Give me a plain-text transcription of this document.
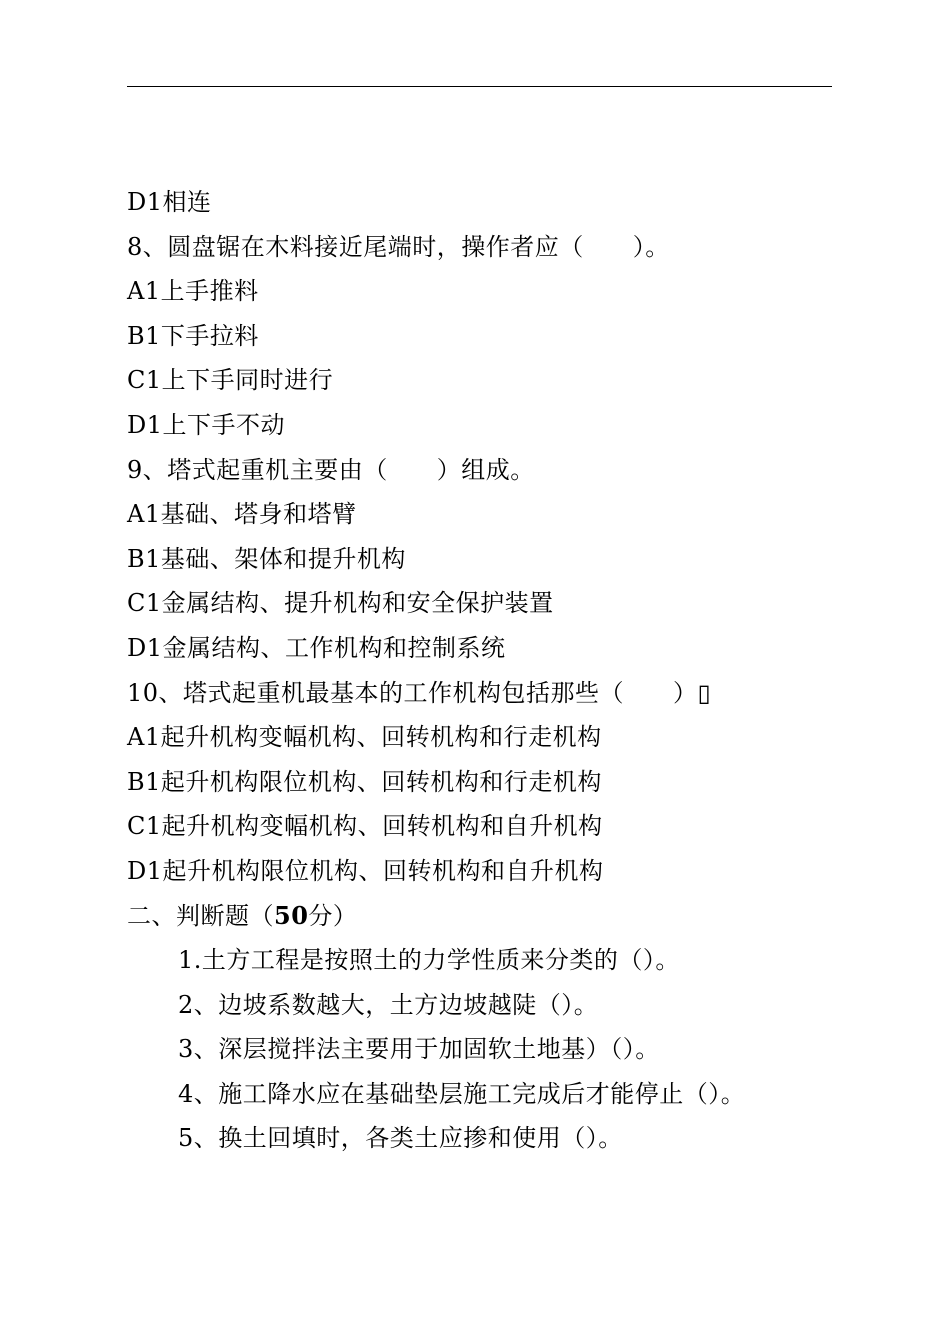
D1相连
8、圆盘锯在木料接近尾端时，操作者应（　　）。
A1上手推料
B1下手拉料
C1上下手同时进行
D1上下手不动
9、塔式起重机主要由（　　）组成。
A1基础、塔身和塔臂
B1基础、架体和提升机构
C1金属结构、提升机构和安全保护装置
D1金属结构、工作机构和控制系统
10、塔式起重机最基本的工作机构包括那些（　　）▯
A1起升机构变幅机构、回转机构和行走机构
B1起升机构限位机构、回转机构和行走机构
C1起升机构变幅机构、回转机构和自升机构
D1起升机构限位机构、回转机构和自升机构
二、判断题（50分）
1.土方工程是按照土的力学性质来分类的（）。
2、边坡系数越大，土方边坡越陡（）。
3、深层搅拌法主要用于加固软土地基）（）。
4、施工降水应在基础垫层施工完成后才能停止（）。
5、换土回填时，各类土应掺和使用（）。
